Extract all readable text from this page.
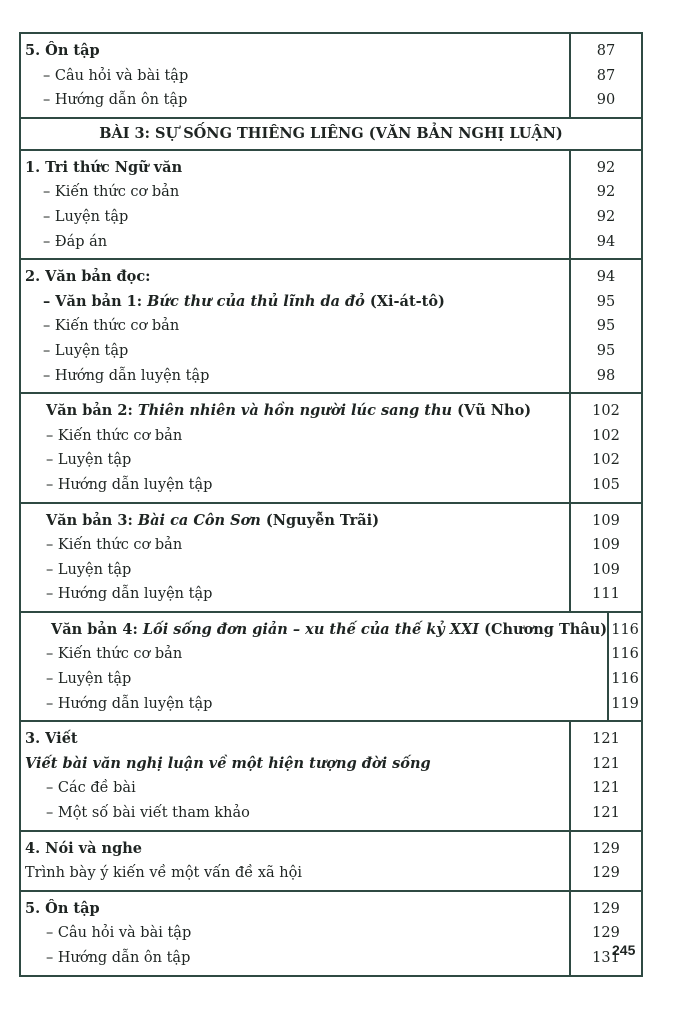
5. Ôn tập
– Câu hỏi và bài tập
– Hướng dẫn ôn tập
87
87
90
BÀI 3: SỰ SỐNG THIÊNG LIÊNG (VĂN BẢN NGHỊ LUẬN)
1. Tri thức Ngữ văn
– Kiến thức cơ bản
– Luyện tập
– Đáp án
92
92
92
94
2. Văn bản đọc:
– Văn bản 1: Bức thư của thủ lĩnh da đỏ (Xi-át-tô)
– Kiến thức cơ bản
– Luyện tập
– Hướng dẫn luyện tập
94
95
95
95
98
Văn bản 2: Thiên nhiên và hồn người lúc sang thu (Vũ Nho)
– Kiến thức cơ bản
– Luyện tập
– Hướng dẫn luyện tập
102
102
102
105
Văn bản 3: Bài ca Côn Sơn (Nguyễn Trãi)
– Kiến thức cơ bản
– Luyện tập
– Hướng dẫn luyện tập
109
109
109
111
Văn bản 4: Lối sống đơn giản – xu thế của thế kỷ XXI (Chương Thâu)
– Kiến thức cơ bản
– Luyện tập
– Hướng dẫn luyện tập
116
116
116
119
3. Viết
Viết bài văn nghị luận về một hiện tượng đời sống
– Các đề bài
– Một số bài viết tham khảo
121
121
121
121
4. Nói và nghe
Trình bày ý kiến về một vấn đề xã hội
129
129
5. Ôn tập
– Câu hỏi và bài tập
– Hướng dẫn ôn tập
129
129
131
245
